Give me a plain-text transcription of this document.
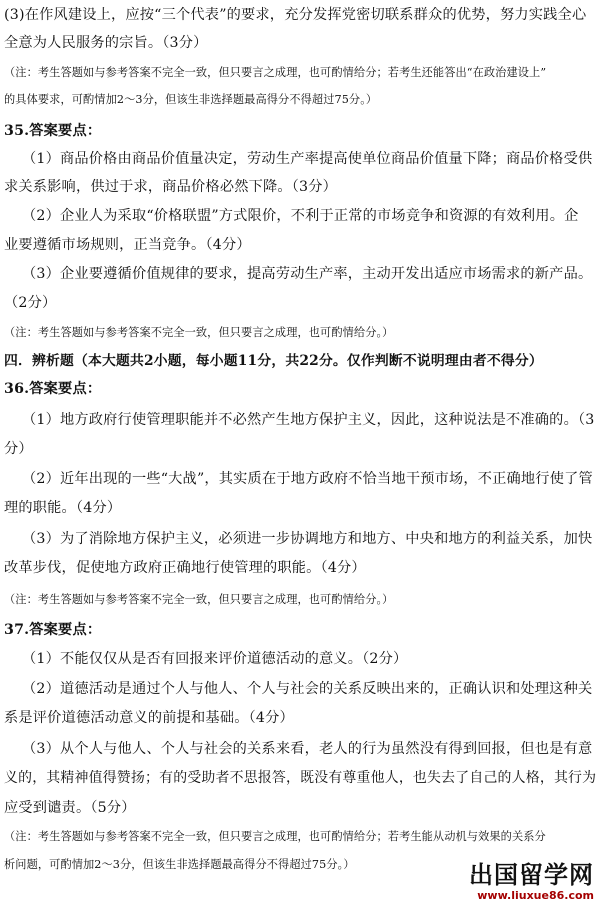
(3)在作风建设上，应按“三个代表”的要求，充分发挥党密切联系群众的优势，努力实践全心
全意为人民服务的宗旨。（3分）
（注：考生答题如与参考答案不完全一致，但只要言之成理，也可酌情给分；若考生还能答出“在政治建设上”
的具体要求，可酌情加2～3分，但该生非选择题最高得分不得超过75分。）
35.答案要点：
（1）商品价格由商品价值量决定，劳动生产率提高使单位商品价值量下降；商品价格受供
求关系影响，供过于求，商品价格必然下降。（3分）
（2）企业人为采取“价格联盟”方式限价，不利于正常的市场竞争和资源的有效利用。企
业要遵循市场规则，正当竞争。（4分）
（3）企业要遵循价值规律的要求，提高劳动生产率，主动开发出适应市场需求的新产品。
（2分）
（注：考生答题如与参考答案不完全一致，但只要言之成理，也可酌情给分。）
四．辨析题（本大题共2小题，每小题11分，共22分。仅作判断不说明理由者不得分）
36.答案要点：
（1）地方政府行使管理职能并不必然产生地方保护主义，因此，这种说法是不准确的。（3
分）
（2）近年出现的一些“大战”，其实质在于地方政府不恰当地干预市场，不正确地行使了管
理的职能。（4分）
（3）为了消除地方保护主义，必须进一步协调地方和地方、中央和地方的利益关系，加快
改革步伐，促使地方政府正确地行使管理的职能。（4分）
（注：考生答题如与参考答案不完全一致，但只要言之成理，也可酌情给分。）
37.答案要点：
（1）不能仅仅从是否有回报来评价道德活动的意义。（2分）
（2）道德活动是通过个人与他人、个人与社会的关系反映出来的，正确认识和处理这种关
系是评价道德活动意义的前提和基础。（4分）
（3）从个人与他人、个人与社会的关系来看，老人的行为虽然没有得到回报，但也是有意
义的，其精神值得赞扬；有的受助者不思报答，既没有尊重他人，也失去了自己的人格，其行为
应受到谴责。（5分）
（注：考生答题如与参考答案不完全一致，但只要言之成理，也可酌情给分；若考生能从动机与效果的关系分
析问题，可酌情加2～3分，但该生非选择题最高得分不得超过75分。）	出国留学网
www.liuxue86.com
